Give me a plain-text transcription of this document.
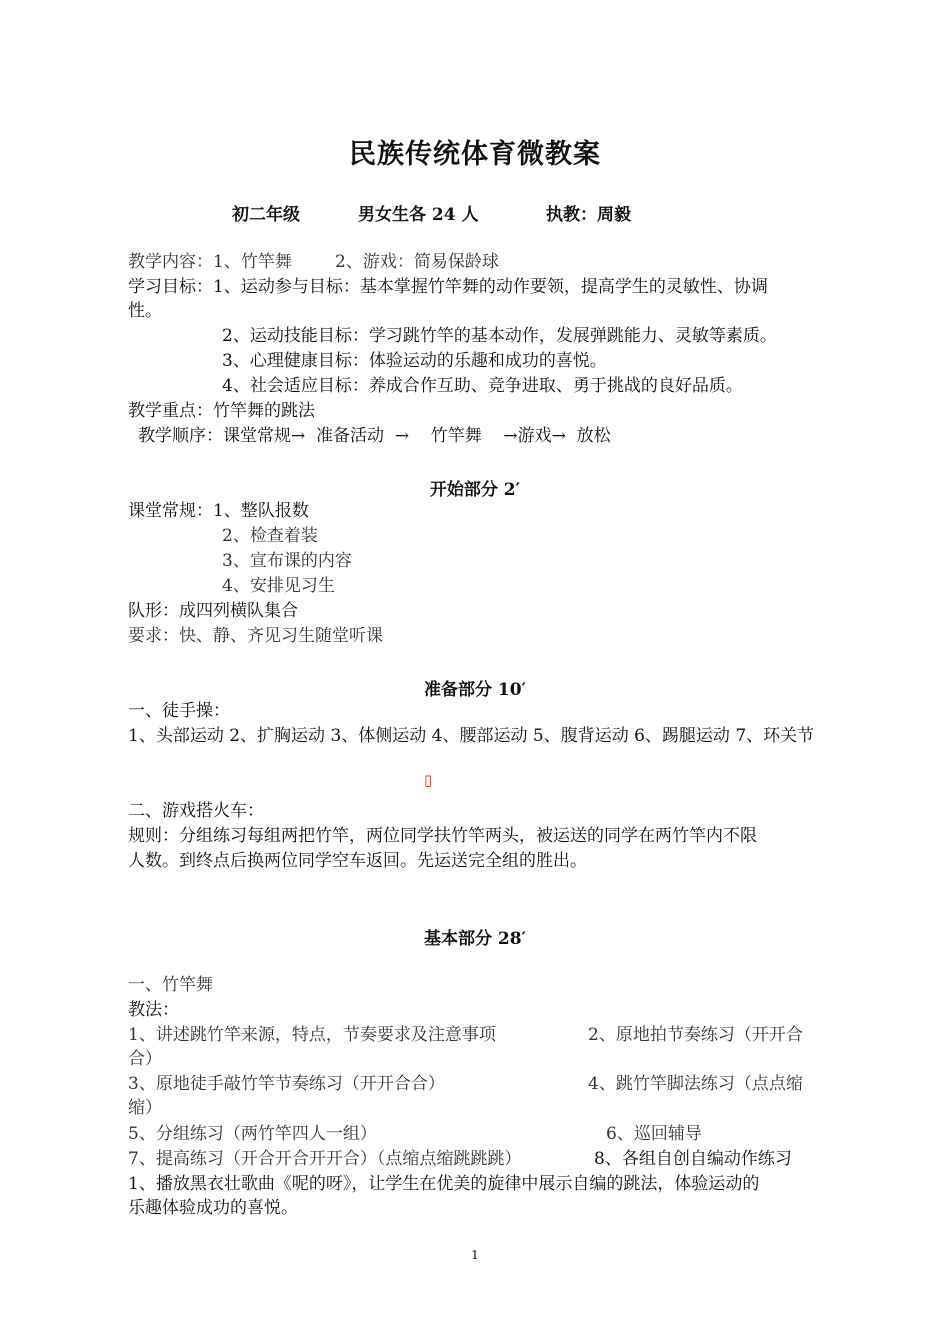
民族传统体育微教案
初二年级	男女生各 24 人	执教：周毅
教学内容：1、竹竿舞        2、游戏：简易保龄球
学习目标：1、运动参与目标：基本掌握竹竿舞的动作要领，提高学生的灵敏性、协调
性。
2、运动技能目标：学习跳竹竿的基本动作，发展弹跳能力、灵敏等素质。
3、心理健康目标：体验运动的乐趣和成功的喜悦。
4、社会适应目标：养成合作互助、竞争进取、勇于挑战的良好品质。
教学重点：竹竿舞的跳法
教学顺序：课堂常规→  准备活动  →    竹竿舞    →游戏→  放松
开始部分 2′
课堂常规：1、整队报数
2、检查着装
3、宣布课的内容
4、安排见习生
队形：成四列横队集合
要求：快、静、齐见习生随堂听课
准备部分 10′
一、徒手操：
1、头部运动 2、扩胸运动 3、体侧运动 4、腰部运动 5、腹背运动 6、踢腿运动 7、环关节
▯
二、游戏搭火车：
规则：分组练习每组两把竹竿，两位同学扶竹竿两头，被运送的同学在两竹竿内不限
人数。到终点后换两位同学空车返回。先运送完全组的胜出。
基本部分 28′
一、竹竿舞
教法：
1、讲述跳竹竿来源，特点，节奏要求及注意事项	2、原地拍节奏练习（开开合
合）
3、原地徒手敲竹竿节奏练习（开开合合）	4、跳竹竿脚法练习（点点缩
缩）
5、分组练习（两竹竿四人一组）	6、巡回辅导
7、提高练习（开合开合开开合）（点缩点缩跳跳跳）	8、各组自创自编动作练习
1、播放黑衣壮歌曲《呢的呀》，让学生在优美的旋律中展示自编的跳法，体验运动的
乐趣体验成功的喜悦。
1
